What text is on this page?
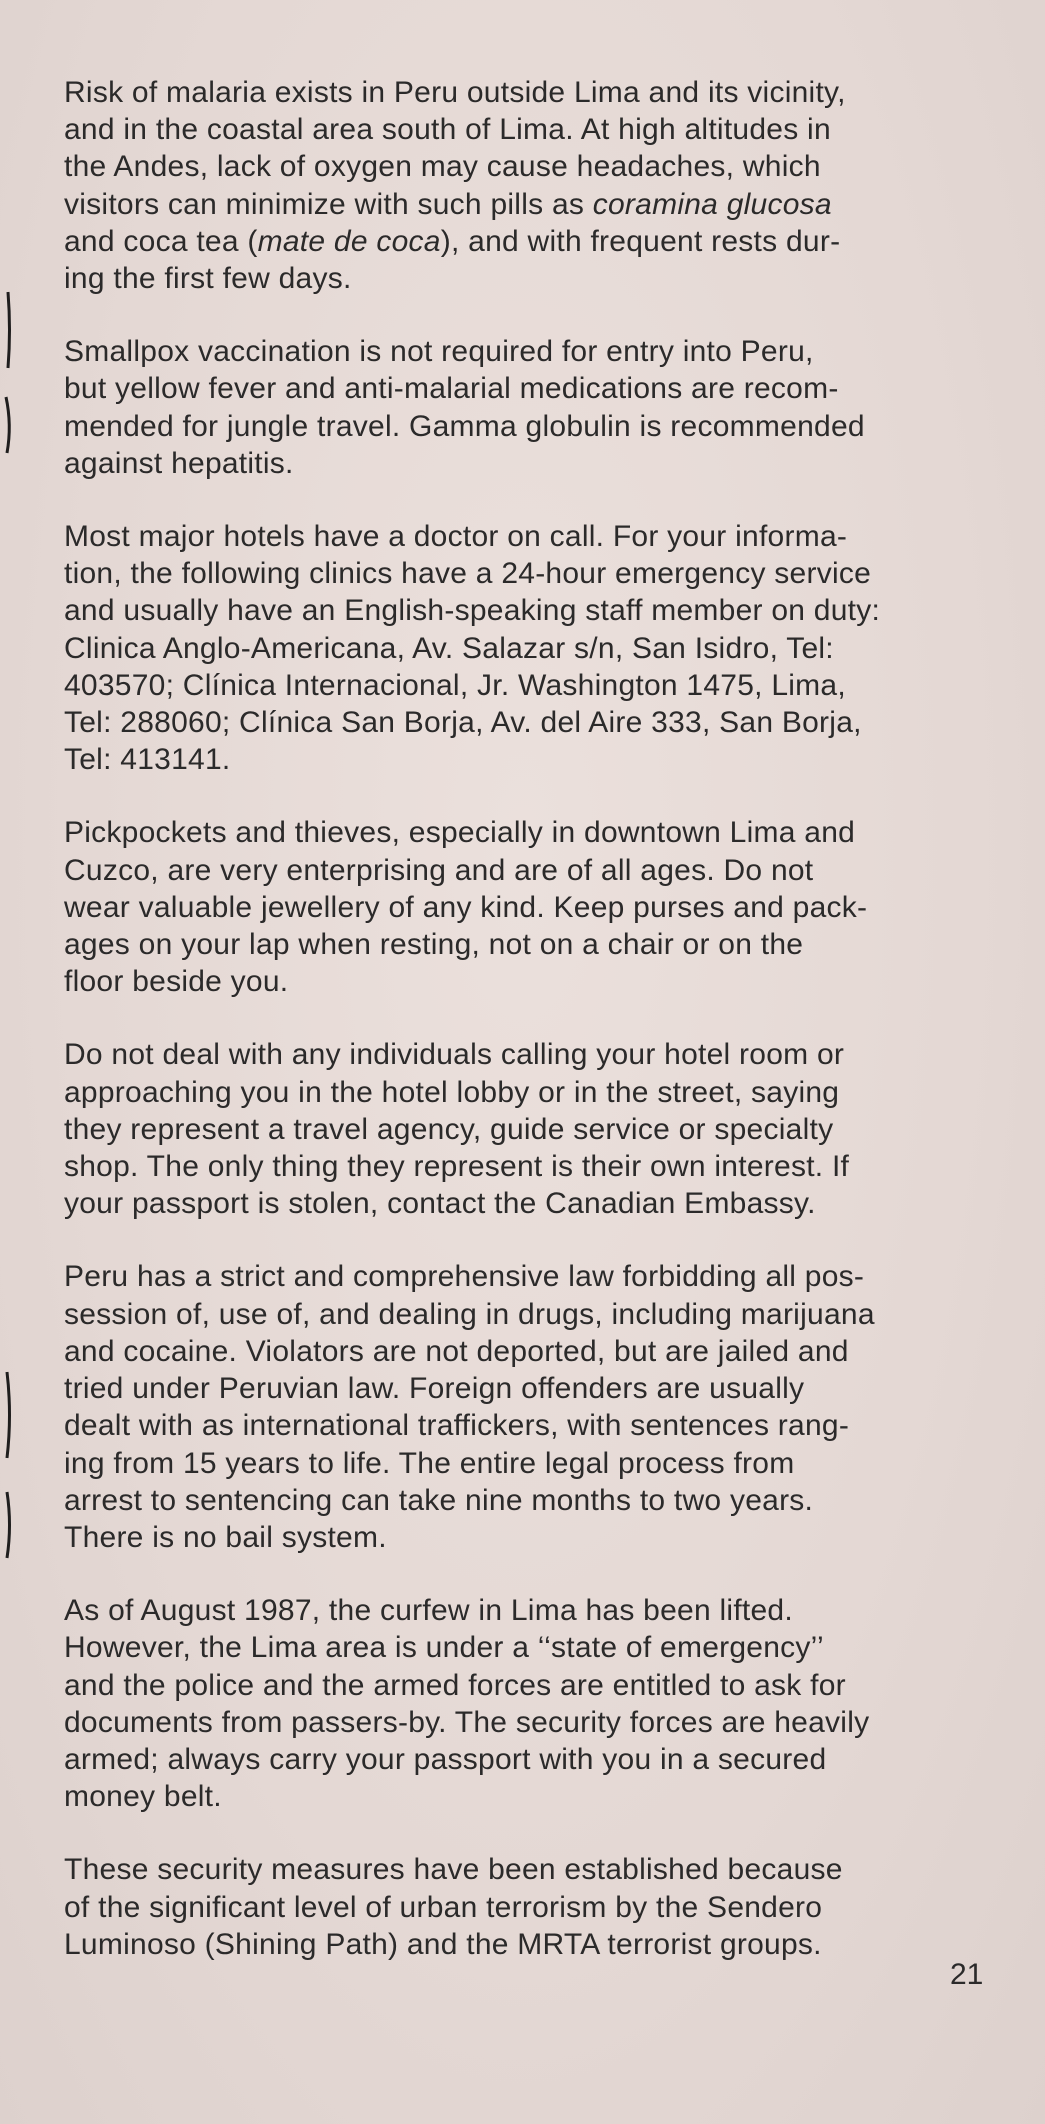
Risk of malaria exists in Peru outside Lima and its vicinity,
and in the coastal area south of Lima. At high altitudes in
the Andes, lack of oxygen may cause headaches, which
visitors can minimize with such pills as coramina glucosa
and coca tea (mate de coca), and with frequent rests dur-
ing the first few days.

Smallpox vaccination is not required for entry into Peru,
but yellow fever and anti-malarial medications are recom-
mended for jungle travel. Gamma globulin is recommended
against hepatitis.

Most major hotels have a doctor on call. For your informa-
tion, the following clinics have a 24-hour emergency service
and usually have an English-speaking staff member on duty:
Clinica Anglo-Americana, Av. Salazar s/n, San Isidro, Tel:
403570; Clínica Internacional, Jr. Washington 1475, Lima,
Tel: 288060; Clínica San Borja, Av. del Aire 333, San Borja,
Tel: 413141.

Pickpockets and thieves, especially in downtown Lima and
Cuzco, are very enterprising and are of all ages. Do not
wear valuable jewellery of any kind. Keep purses and pack-
ages on your lap when resting, not on a chair or on the
floor beside you.

Do not deal with any individuals calling your hotel room or
approaching you in the hotel lobby or in the street, saying
they represent a travel agency, guide service or specialty
shop. The only thing they represent is their own interest. If
your passport is stolen, contact the Canadian Embassy.

Peru has a strict and comprehensive law forbidding all pos-
session of, use of, and dealing in drugs, including marijuana
and cocaine. Violators are not deported, but are jailed and
tried under Peruvian law. Foreign offenders are usually
dealt with as international traffickers, with sentences rang-
ing from 15 years to life. The entire legal process from
arrest to sentencing can take nine months to two years.
There is no bail system.

As of August 1987, the curfew in Lima has been lifted.
However, the Lima area is under a ‘‘state of emergency’’
and the police and the armed forces are entitled to ask for
documents from passers-by. The security forces are heavily
armed; always carry your passport with you in a secured
money belt.

These security measures have been established because
of the significant level of urban terrorism by the Sendero
Luminoso (Shining Path) and the MRTA terrorist groups.

21
